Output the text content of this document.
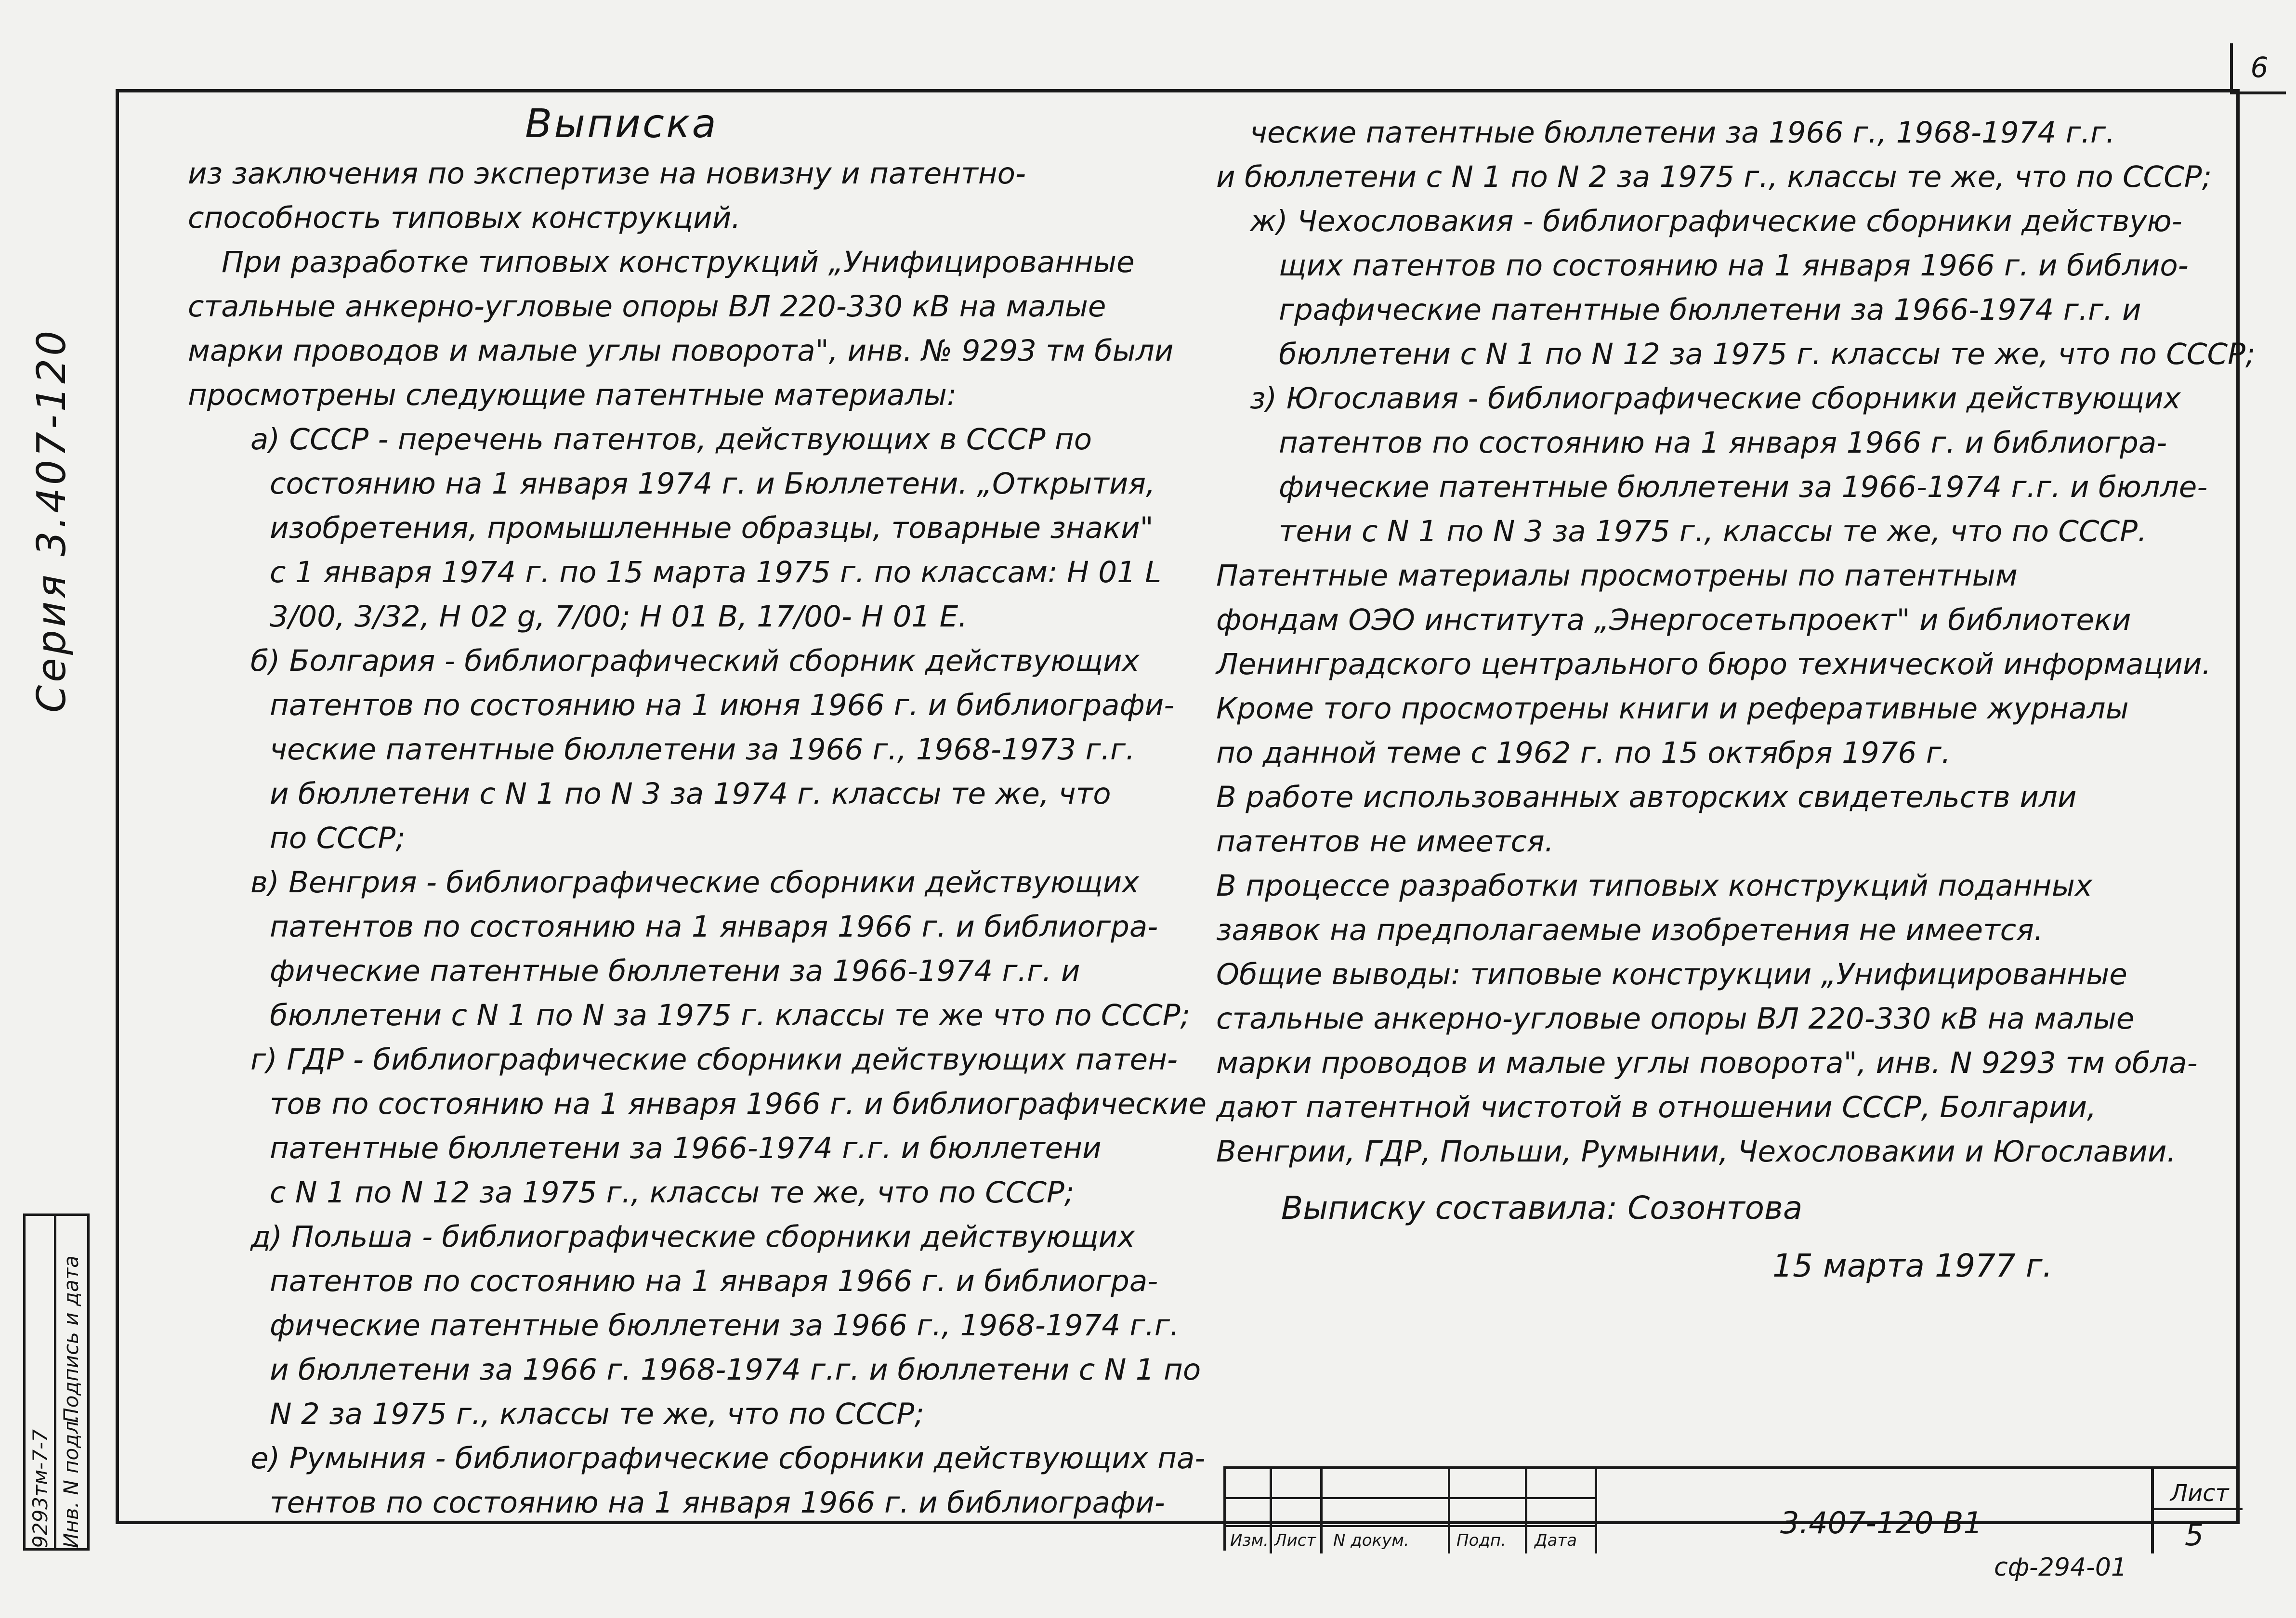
6
Серия 3.407-120
9293тм-7-7 Инв. N подл.
Подпись и дата
Выписка

из заключения по экспертизе на новизну и патентно-

способность типовых конструкций.

При разработке типовых конструкций „Унифицированные

стальные анкерно-угловые опоры ВЛ 220-330 кВ на малые

марки проводов и малые углы поворота", инв. № 9293 тм были

просмотрены следующие патентные материалы:

а) СССР - перечень патентов, действующих в СССР по

состоянию на 1 января 1974 г. и Бюллетени. „Открытия,

изобретения, промышленные образцы, товарные знаки"

с 1 января 1974 г. по 15 марта 1975 г. по классам: Н 01 L

3/00, 3/32, Н 02 g, 7/00; Н 01 В, 17/00- Н 01 Е.

б) Болгария - библиографический сборник действующих

патентов по состоянию на 1 июня 1966 г. и библиографи-

ческие патентные бюллетени за 1966 г., 1968-1973 г.г.

и бюллетени с N 1 по N 3 за 1974 г. классы те же, что

по СССР;

в) Венгрия - библиографические сборники действующих

патентов по состоянию на 1 января 1966 г. и библиогра-

фические патентные бюллетени за 1966-1974 г.г. и

бюллетени с N 1 по N за 1975 г. классы те же что по СССР;

г) ГДР - библиографические сборники действующих патен-

тов по состоянию на 1 января 1966 г. и библиографические

патентные бюллетени за 1966-1974 г.г. и бюллетени

с N 1 по N 12 за 1975 г., классы те же, что по СССР;

д) Польша - библиографические сборники действующих

патентов по состоянию на 1 января 1966 г. и библиогра-

фические патентные бюллетени за 1966 г., 1968-1974 г.г.

и бюллетени за 1966 г. 1968-1974 г.г. и бюллетени с N 1 по

N 2 за 1975 г., классы те же, что по СССР;

е) Румыния - библиографические сборники действующих па-

тентов по состоянию на 1 января 1966 г. и библиографи-

ческие патентные бюллетени за 1966 г., 1968-1974 г.г.

и бюллетени с N 1 по N 2 за 1975 г., классы те же, что по СССР;

ж) Чехословакия - библиографические сборники действую-

щих патентов по состоянию на 1 января 1966 г. и библио-

графические патентные бюллетени за 1966-1974 г.г. и

бюллетени с N 1 по N 12 за 1975 г. классы те же, что по СССР;

з) Югославия - библиографические сборники действующих

патентов по состоянию на 1 января 1966 г. и библиогра-

фические патентные бюллетени за 1966-1974 г.г. и бюлле-

тени с N 1 по N 3 за 1975 г., классы те же, что по СССР.

Патентные материалы просмотрены по патентным

фондам ОЭО института „Энергосетьпроект" и библиотеки

Ленинградского центрального бюро технической информации.

Кроме того просмотрены книги и реферативные журналы

по данной теме с 1962 г. по 15 октября 1976 г.

В работе использованных авторских свидетельств или

патентов не имеется.

В процессе разработки типовых конструкций поданных

заявок на предполагаемые изобретения не имеется.

Общие выводы: типовые конструкции „Унифицированные

стальные анкерно-угловые опоры ВЛ 220-330 кВ на малые

марки проводов и малые углы поворота", инв. N 9293 тм обла-

дают патентной чистотой в отношении СССР, Болгарии,

Венгрии, ГДР, Польши, Румынии, Чехословакии и Югославии.

Выписку составила: Созонтова
15 марта 1977 г.
Изм. Лист N докум.	Подп. Дата	3.407-120 В1
Лист
5
сф-294-01
